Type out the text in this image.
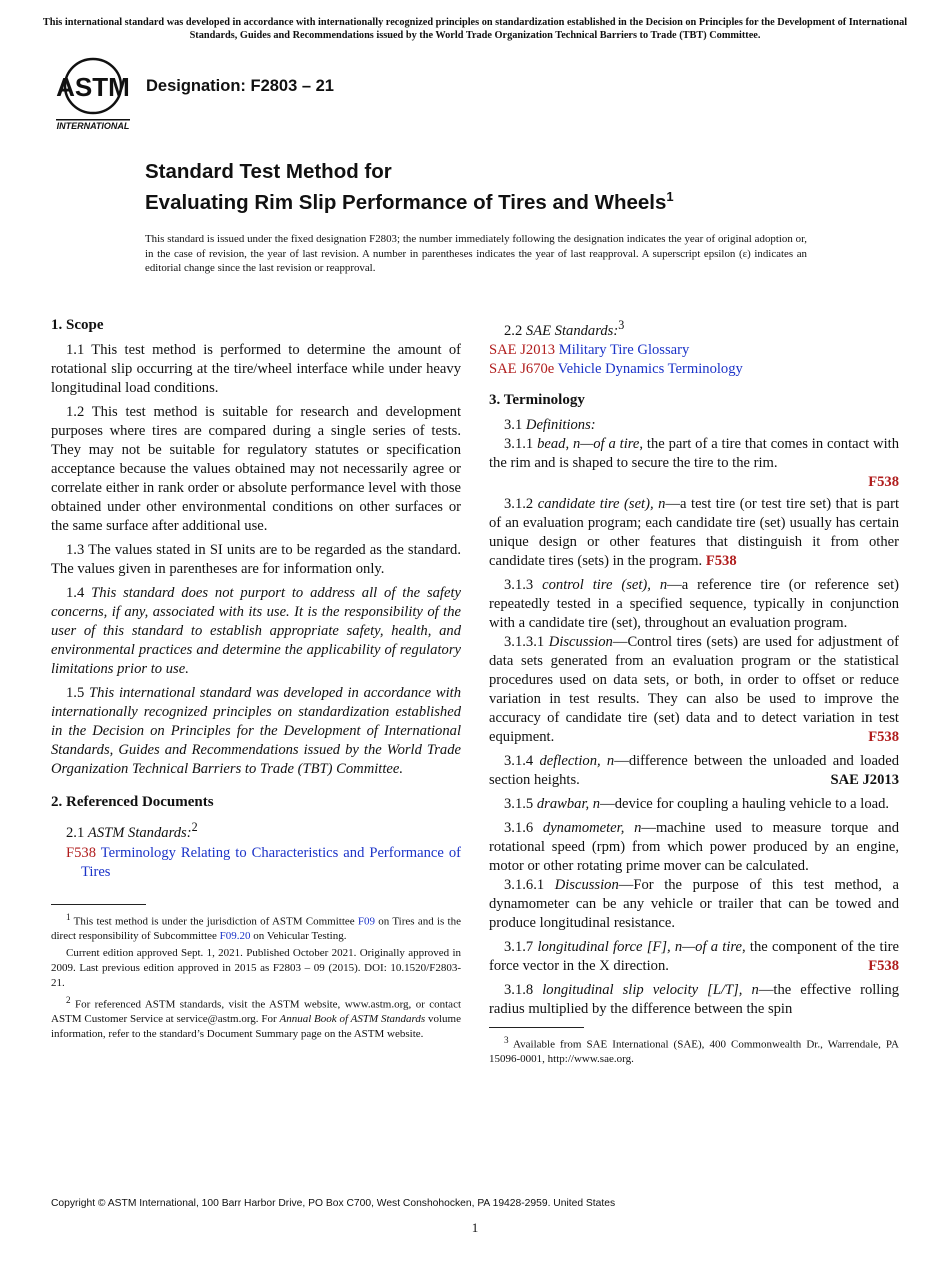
This international standard was developed in accordance with internationally recognized principles on standardization established in the Decision on Principles for the Development of International Standards, Guides and Recommendations issued by the World Trade Organization Technical Barriers to Trade (TBT) Committee.
ASTM
INTERNATIONAL
Designation: F2803 – 21
Standard Test Method for
Evaluating Rim Slip Performance of Tires and Wheels$^1$
This standard is issued under the fixed designation F2803; the number immediately following the designation indicates the year of original adoption or, in the case of revision, the year of last revision. A number in parentheses indicates the year of last reapproval. A superscript epsilon (ε) indicates an editorial change since the last revision or reapproval.
1. Scope

1.1 This test method is performed to determine the amount of rotational slip occurring at the tire/wheel interface while under heavy longitudinal load conditions.

1.2 This test method is suitable for research and development purposes where tires are compared during a single series of tests. They may not be suitable for regulatory statutes or specification acceptance because the values obtained may not necessarily agree or correlate either in rank order or absolute performance level with those obtained under other environmental conditions on other surfaces or the same surface after additional use.

1.3 The values stated in SI units are to be regarded as the standard. The values given in parentheses are for information only.

1.4 This standard does not purport to address all of the safety concerns, if any, associated with its use. It is the responsibility of the user of this standard to establish appropriate safety, health, and environmental practices and determine the applicability of regulatory limitations prior to use.

1.5 This international standard was developed in accordance with internationally recognized principles on standardization established in the Decision on Principles for the Development of International Standards, Guides and Recommendations issued by the World Trade Organization Technical Barriers to Trade (TBT) Committee.

2. Referenced Documents

2.1 ASTM Standards:$^2$

F538 Terminology Relating to Characteristics and Performance of Tires

$^1$ This test method is under the jurisdiction of ASTM Committee F09 on Tires and is the direct responsibility of Subcommittee F09.20 on Vehicular Testing.

Current edition approved Sept. 1, 2021. Published October 2021. Originally approved in 2009. Last previous edition approved in 2015 as F2803 – 09 (2015). DOI: 10.1520/F2803-21.

$^2$ For referenced ASTM standards, visit the ASTM website, www.astm.org, or contact ASTM Customer Service at service@astm.org. For Annual Book of ASTM Standards volume information, refer to the standard’s Document Summary page on the ASTM website.

2.2 SAE Standards:$^3$

SAE J2013 Military Tire Glossary

SAE J670e Vehicle Dynamics Terminology

3. Terminology

3.1 Definitions:

3.1.1 bead, n—of a tire, the part of a tire that comes in contact with the rim and is shaped to secure the tire to the rim.

F538

3.1.2 candidate tire (set), n—a test tire (or test tire set) that is part of an evaluation program; each candidate tire (set) usually has certain unique design or other features that distinguish it from other candidate tires (sets) in the program. F538

3.1.3 control tire (set), n—a reference tire (or reference set) repeatedly tested in a specified sequence, typically in conjunction with a candidate tire (set), throughout an evaluation program.

3.1.3.1 Discussion—Control tires (sets) are used for adjustment of data sets generated from an evaluation program or the statistical procedures used on data sets, or both, in order to offset or reduce variation in test results. They can also be used to improve the accuracy of candidate tire (set) data and to detect variation in test equipment.	F538

3.1.4 deflection, n—difference between the unloaded and loaded section heights.	SAE J2013

3.1.5 drawbar, n—device for coupling a hauling vehicle to a load.

3.1.6 dynamometer, n—machine used to measure torque and rotational speed (rpm) from which power produced by an engine, motor or other rotating prime mover can be calculated.

3.1.6.1 Discussion—For the purpose of this test method, a dynamometer can be any vehicle or trailer that can be towed and produce longitudinal resistance.

3.1.7 longitudinal force [F], n—of a tire, the component of the tire force vector in the X direction.	F538

3.1.8 longitudinal slip velocity [L/T], n—the effective rolling radius multiplied by the difference between the spin

$^3$ Available from SAE International (SAE), 400 Commonwealth Dr., Warrendale, PA 15096-0001, http://www.sae.org.

Copyright © ASTM International, 100 Barr Harbor Drive, PO Box C700, West Conshohocken, PA 19428-2959. United States
1
